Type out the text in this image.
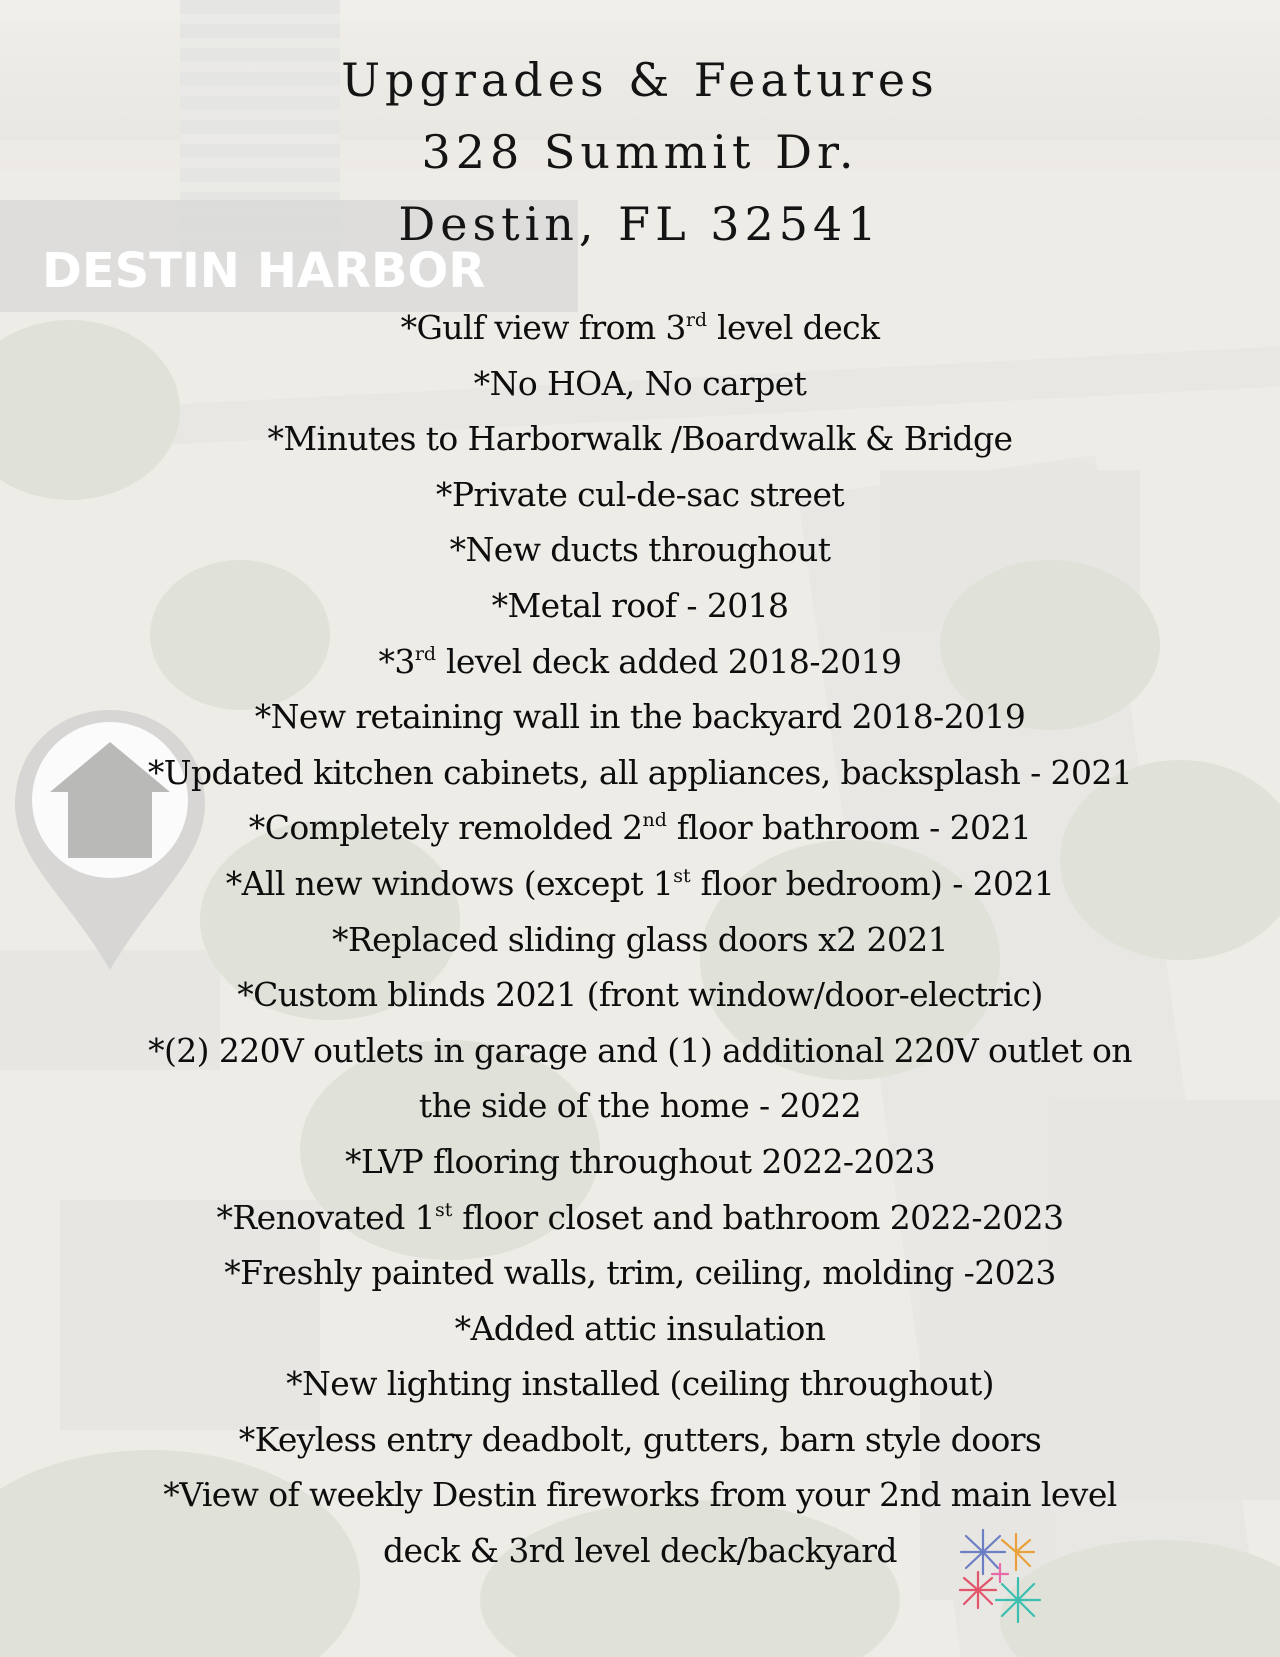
DESTIN HARBOR
Upgrades & Features
328 Summit Dr.
Destin, FL 32541
*Gulf view from 3rd level deck
*No HOA, No carpet
*Minutes to Harborwalk /Boardwalk & Bridge
*Private cul-de-sac street
*New ducts throughout
*Metal roof - 2018
*3rd level deck added 2018-2019
*New retaining wall in the backyard 2018-2019
*Updated kitchen cabinets, all appliances, backsplash - 2021
*Completely remolded 2nd floor bathroom - 2021
*All new windows (except 1st floor bedroom) - 2021
*Replaced sliding glass doors x2 2021
*Custom blinds 2021 (front window/door-electric)
*(2) 220V outlets in garage and (1) additional 220V outlet on
the side of the home - 2022
*LVP flooring throughout 2022-2023
*Renovated 1st floor closet and bathroom 2022-2023
*Freshly painted walls, trim, ceiling, molding -2023
*Added attic insulation
*New lighting installed (ceiling throughout)
*Keyless entry deadbolt, gutters, barn style doors
*View of weekly Destin fireworks from your 2nd main level
deck & 3rd level deck/backyard
